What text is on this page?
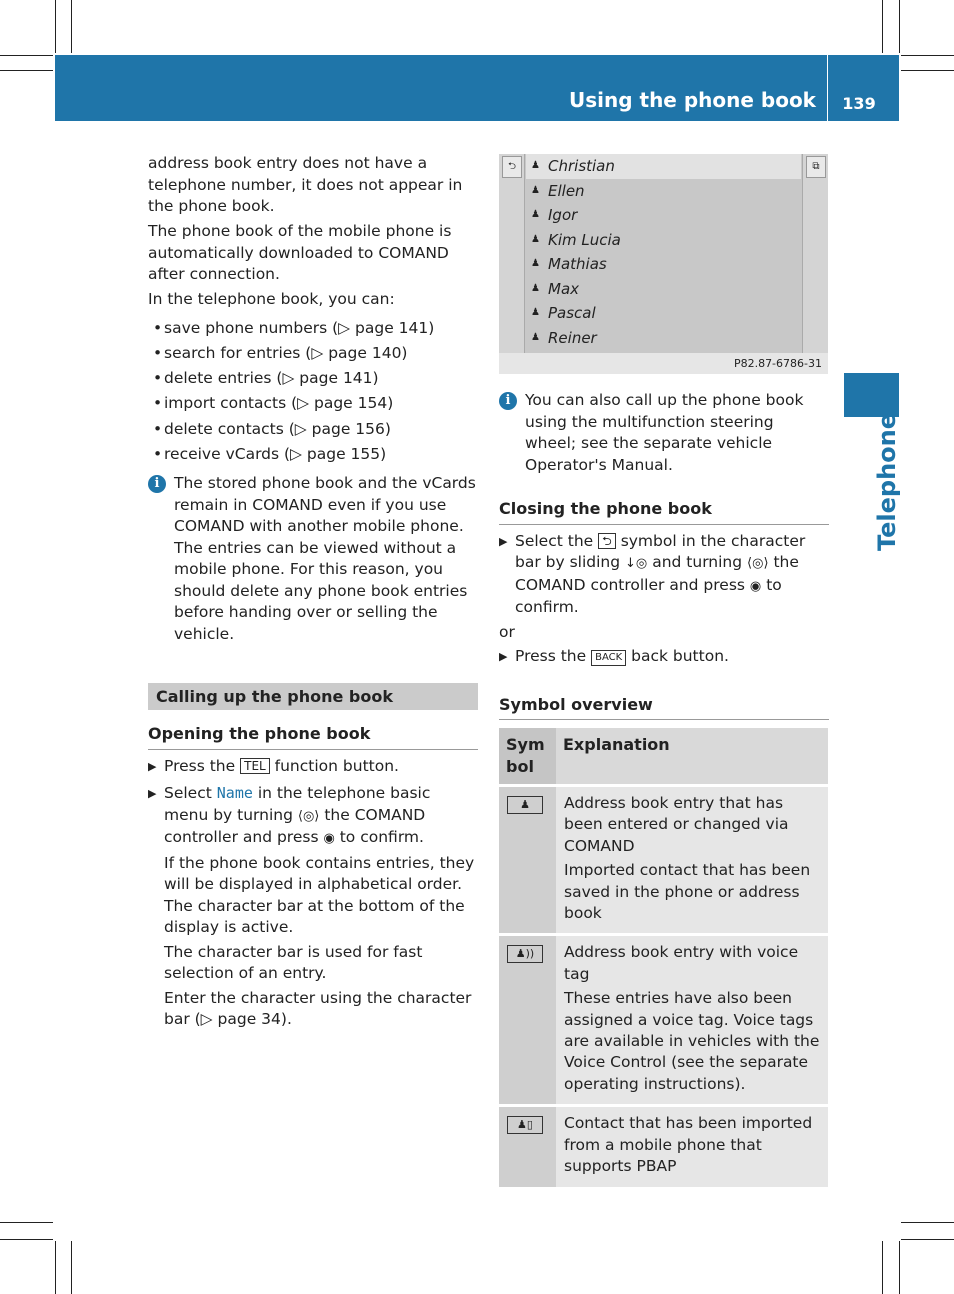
Using the phone book	139
Telephone

address book entry does not have a telephone number, it does not appear in the phone book.

The phone book of the mobile phone is automatically downloaded to COMAND after connection.

In the telephone book, you can:

• save phone numbers (▷ page 141)
• search for entries (▷ page 140)
• delete entries (▷ page 141)
• import contacts (▷ page 154)
• delete contacts (▷ page 156)
• receive vCards (▷ page 155)
i The stored phone book and the vCards remain in COMAND even if you use COMAND with another mobile phone. The entries can be viewed without a mobile phone. For this reason, you should delete any phone book entries before handing over or selling the vehicle.
Calling up the phone book
Opening the phone book
▶ Press the TEL function button.
▶ Select Name in the telephone basic menu by turning ⟨◎⟩ the COMAND controller and press ◉ to confirm.

If the phone book contains entries, they will be displayed in alphabetical order. The character bar at the bottom of the display is active.

The character bar is used for fast selection of an entry.

Enter the character using the character bar (▷ page 34).

⮌	♟ Christian
♟ Ellen
♟ Igor
♟ Kim Lucia
♟ Mathias
♟ Max
♟ Pascal
♟ Reiner
⧉
P82.87-6786-31
i You can also call up the phone book using the multifunction steering wheel; see the separate vehicle Operator's Manual.
Closing the phone book
▶ Select the ⮌ symbol in the character bar by sliding ↓◎ and turning ⟨◎⟩ the COMAND controller and press ◉ to confirm.

or

▶ Press the BACK back button.
Symbol overview
Sym bol	Explanation
♟	Address book entry that has been entered or changed via COMAND

Imported contact that has been saved in the phone or address book

♟))	Address book entry with voice tag

These entries have also been assigned a voice tag. Voice tags are available in vehicles with the Voice Control (see the separate operating instructions).

♟▯	Contact that has been imported from a mobile phone that supports PBAP
